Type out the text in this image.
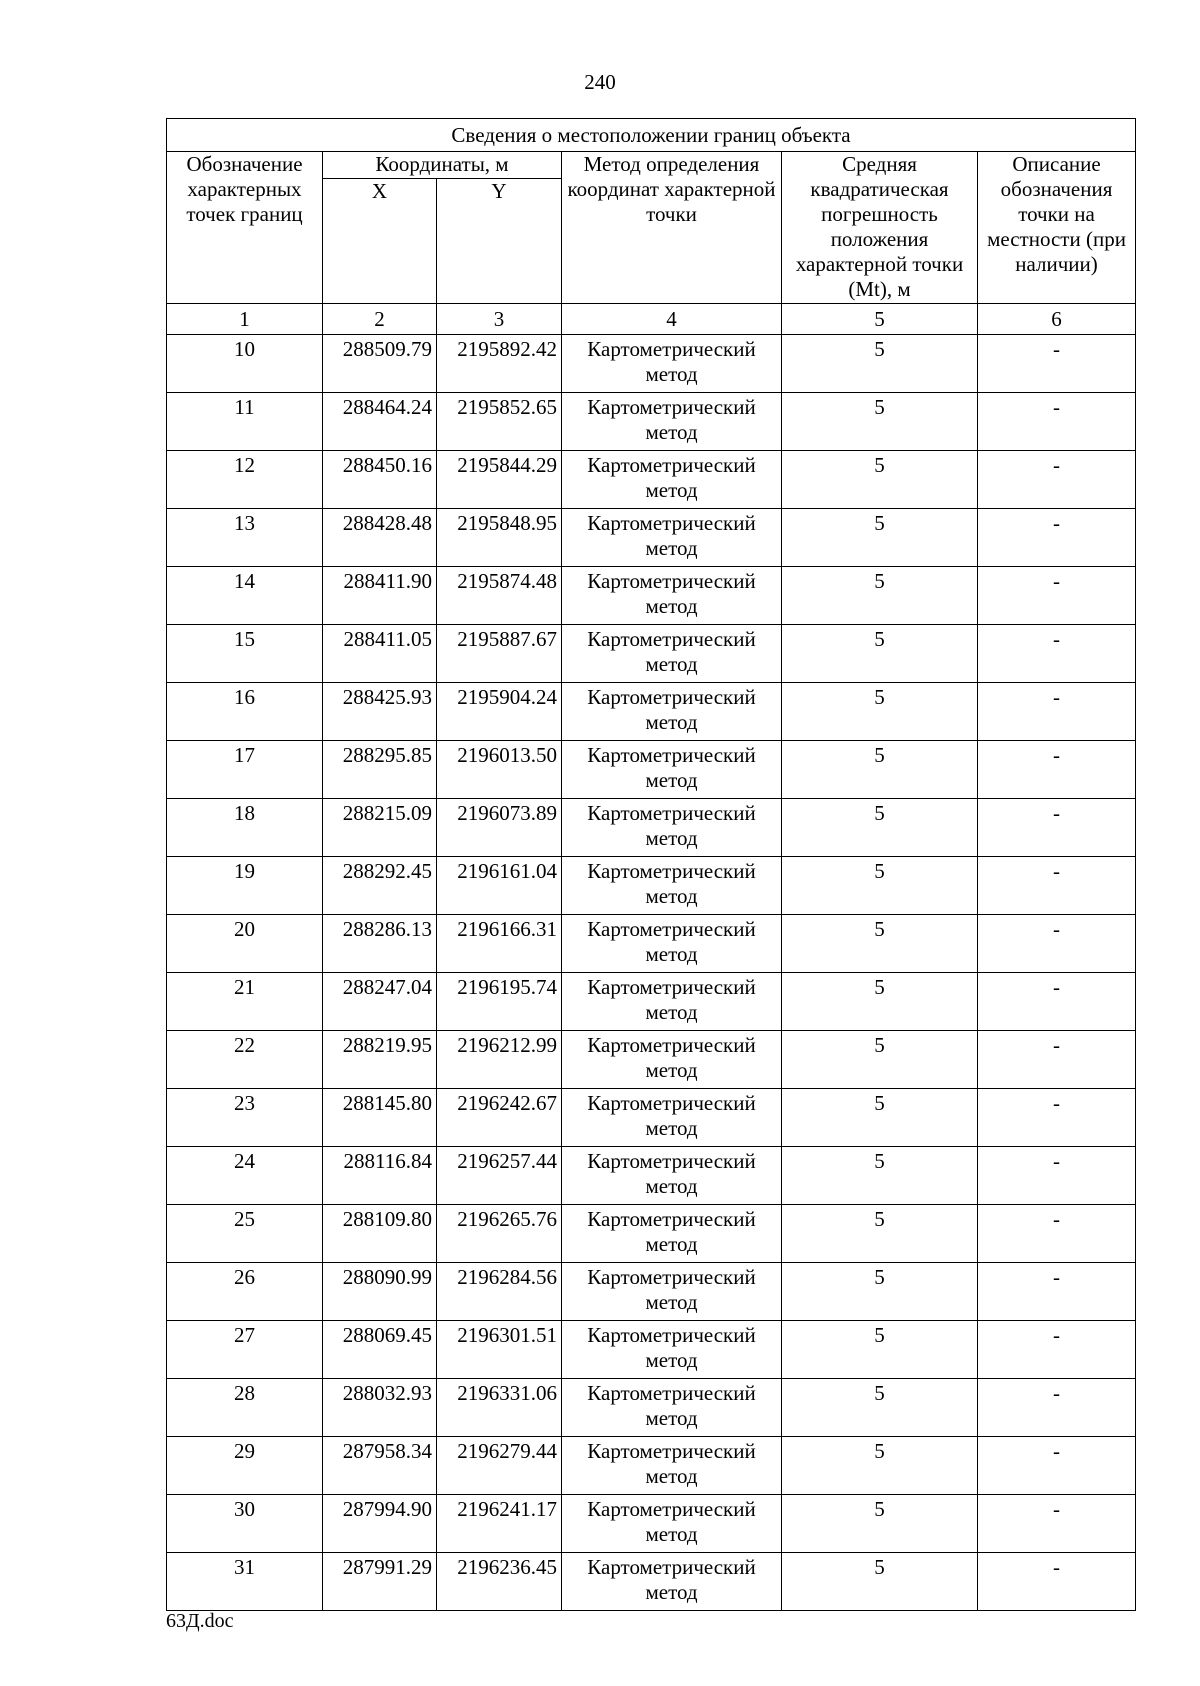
240
Сведения о местоположении границ объекта					
Обозначение характерных точек границ	Координаты, м		Метод определения координат характерной точки	Средняя квадратическая погрешность положения характерной точки (Mt), м	Описание обозначения точки на местности (при наличии)
	X	Y			
1	2	3	4	5	6
10	288509.79	2195892.42	Картометрический метод	5	-
11	288464.24	2195852.65	Картометрический метод	5	-
12	288450.16	2195844.29	Картометрический метод	5	-
13	288428.48	2195848.95	Картометрический метод	5	-
14	288411.90	2195874.48	Картометрический метод	5	-
15	288411.05	2195887.67	Картометрический метод	5	-
16	288425.93	2195904.24	Картометрический метод	5	-
17	288295.85	2196013.50	Картометрический метод	5	-
18	288215.09	2196073.89	Картометрический метод	5	-
19	288292.45	2196161.04	Картометрический метод	5	-
20	288286.13	2196166.31	Картометрический метод	5	-
21	288247.04	2196195.74	Картометрический метод	5	-
22	288219.95	2196212.99	Картометрический метод	5	-
23	288145.80	2196242.67	Картометрический метод	5	-
24	288116.84	2196257.44	Картометрический метод	5	-
25	288109.80	2196265.76	Картометрический метод	5	-
26	288090.99	2196284.56	Картометрический метод	5	-
27	288069.45	2196301.51	Картометрический метод	5	-
28	288032.93	2196331.06	Картометрический метод	5	-
29	287958.34	2196279.44	Картометрический метод	5	-
30	287994.90	2196241.17	Картометрический метод	5	-
31	287991.29	2196236.45	Картометрический метод	5	-
63Д.doc
